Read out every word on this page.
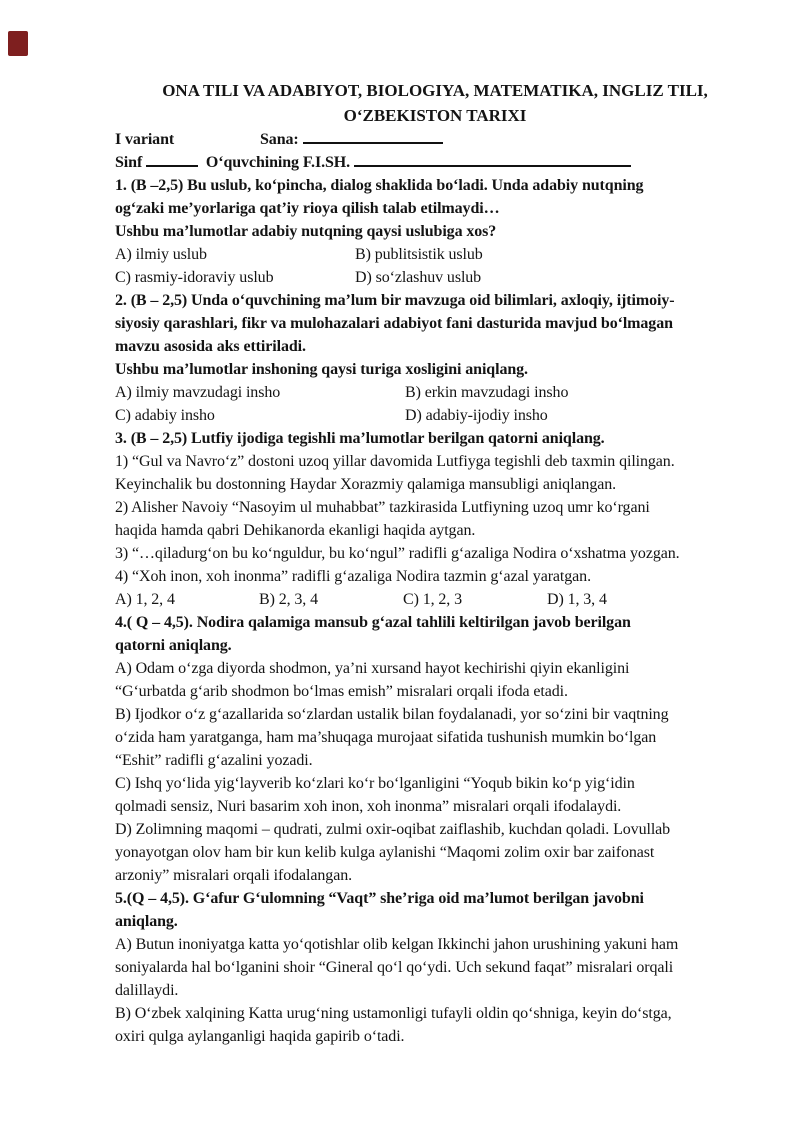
ONA TILI VA ADABIYOT, BIOLOGIYA, MATEMATIKA, INGLIZ TILI,
O‘ZBEKISTON TARIXI
I variant	Sana:
Sinf	O‘quvchining F.I.SH.
1. (B –2,5) Bu uslub, ko‘pincha, dialog shaklida bo‘ladi. Unda adabiy nutqning
og‘zaki me’yorlariga qat’iy rioya qilish talab etilmaydi…
Ushbu ma’lumotlar adabiy nutqning qaysi uslubiga xos?
A) ilmiy uslub	B) publitsistik uslub
C) rasmiy-idoraviy uslub	D) so‘zlashuv uslub
2. (B – 2,5) Unda o‘quvchining ma’lum bir mavzuga oid bilimlari, axloqiy, ijtimoiy-
siyosiy qarashlari, fikr va mulohazalari adabiyot fani dasturida mavjud bo‘lmagan
mavzu asosida aks ettiriladi.
Ushbu ma’lumotlar inshoning qaysi turiga xosligini aniqlang.
A) ilmiy mavzudagi insho	B) erkin mavzudagi insho
C) adabiy insho	D) adabiy-ijodiy insho
3. (B – 2,5) Lutfiy ijodiga tegishli ma’lumotlar berilgan qatorni aniqlang.
1) “Gul va Navro‘z” dostoni uzoq yillar davomida Lutfiyga tegishli deb taxmin qilingan.
Keyinchalik bu dostonning Haydar Xorazmiy qalamiga mansubligi aniqlangan.
2) Alisher Navoiy “Nasoyim ul muhabbat” tazkirasida Lutfiyning uzoq umr ko‘rgani
haqida hamda qabri Dehikanorda ekanligi haqida aytgan.
3) “…qiladurg‘on bu ko‘nguldur, bu ko‘ngul” radifli g‘azaliga Nodira o‘xshatma yozgan.
4) “Xoh inon, xoh inonma” radifli g‘azaliga Nodira tazmin g‘azal yaratgan.
A) 1, 2, 4	B) 2, 3, 4	C) 1, 2, 3	D) 1, 3, 4
4.( Q – 4,5). Nodira qalamiga mansub g‘azal tahlili keltirilgan javob berilgan
qatorni aniqlang.
A) Odam o‘zga diyorda shodmon, ya’ni xursand hayot kechirishi qiyin ekanligini
“G‘urbatda g‘arib shodmon bo‘lmas emish” misralari orqali ifoda etadi.
B) Ijodkor o‘z g‘azallarida so‘zlardan ustalik bilan foydalanadi, yor so‘zini bir vaqtning
o‘zida ham yaratganga, ham ma’shuqaga murojaat sifatida tushunish mumkin bo‘lgan
“Eshit” radifli g‘azalini yozadi.
C) Ishq yo‘lida yig‘layverib ko‘zlari ko‘r bo‘lganligini “Yoqub bikin ko‘p yig‘idin
qolmadi sensiz, Nuri basarim xoh inon, xoh inonma” misralari orqali ifodalaydi.
D) Zolimning maqomi – qudrati, zulmi oxir-oqibat zaiflashib, kuchdan qoladi. Lovullab
yonayotgan olov ham bir kun kelib kulga aylanishi “Maqomi zolim oxir bar zaifonast
arzoniy” misralari orqali ifodalangan.
5.(Q – 4,5). G‘afur G‘ulomning “Vaqt” she’riga oid ma’lumot berilgan javobni
aniqlang.
A) Butun inoniyatga katta yo‘qotishlar olib kelgan Ikkinchi jahon urushining yakuni ham
soniyalarda hal bo‘lganini shoir “Gineral qo‘l qo‘ydi. Uch sekund faqat” misralari orqali
dalillaydi.
B) O‘zbek xalqining Katta urug‘ning ustamonligi tufayli oldin qo‘shniga, keyin do‘stga,
oxiri qulga aylanganligi haqida gapirib o‘tadi.
